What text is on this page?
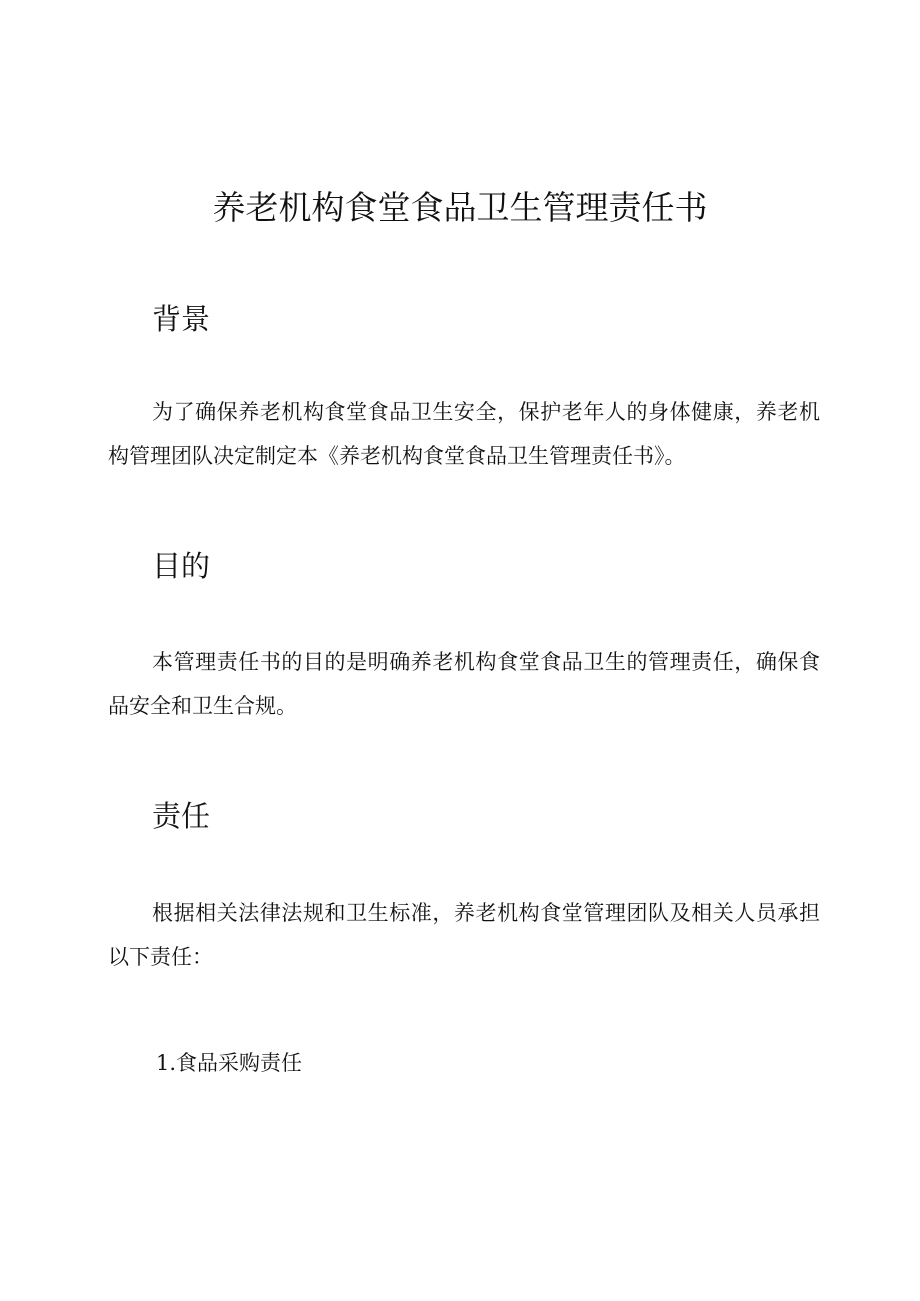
养老机构食堂食品卫生管理责任书
背景

为了确保养老机构食堂食品卫生安全，保护老年人的身体健康，养老机构管理团队决定制定本《养老机构食堂食品卫生管理责任书》。

目的

本管理责任书的目的是明确养老机构食堂食品卫生的管理责任，确保食品安全和卫生合规。

责任

根据相关法律法规和卫生标准，养老机构食堂管理团队及相关人员承担以下责任：

1.食品采购责任
